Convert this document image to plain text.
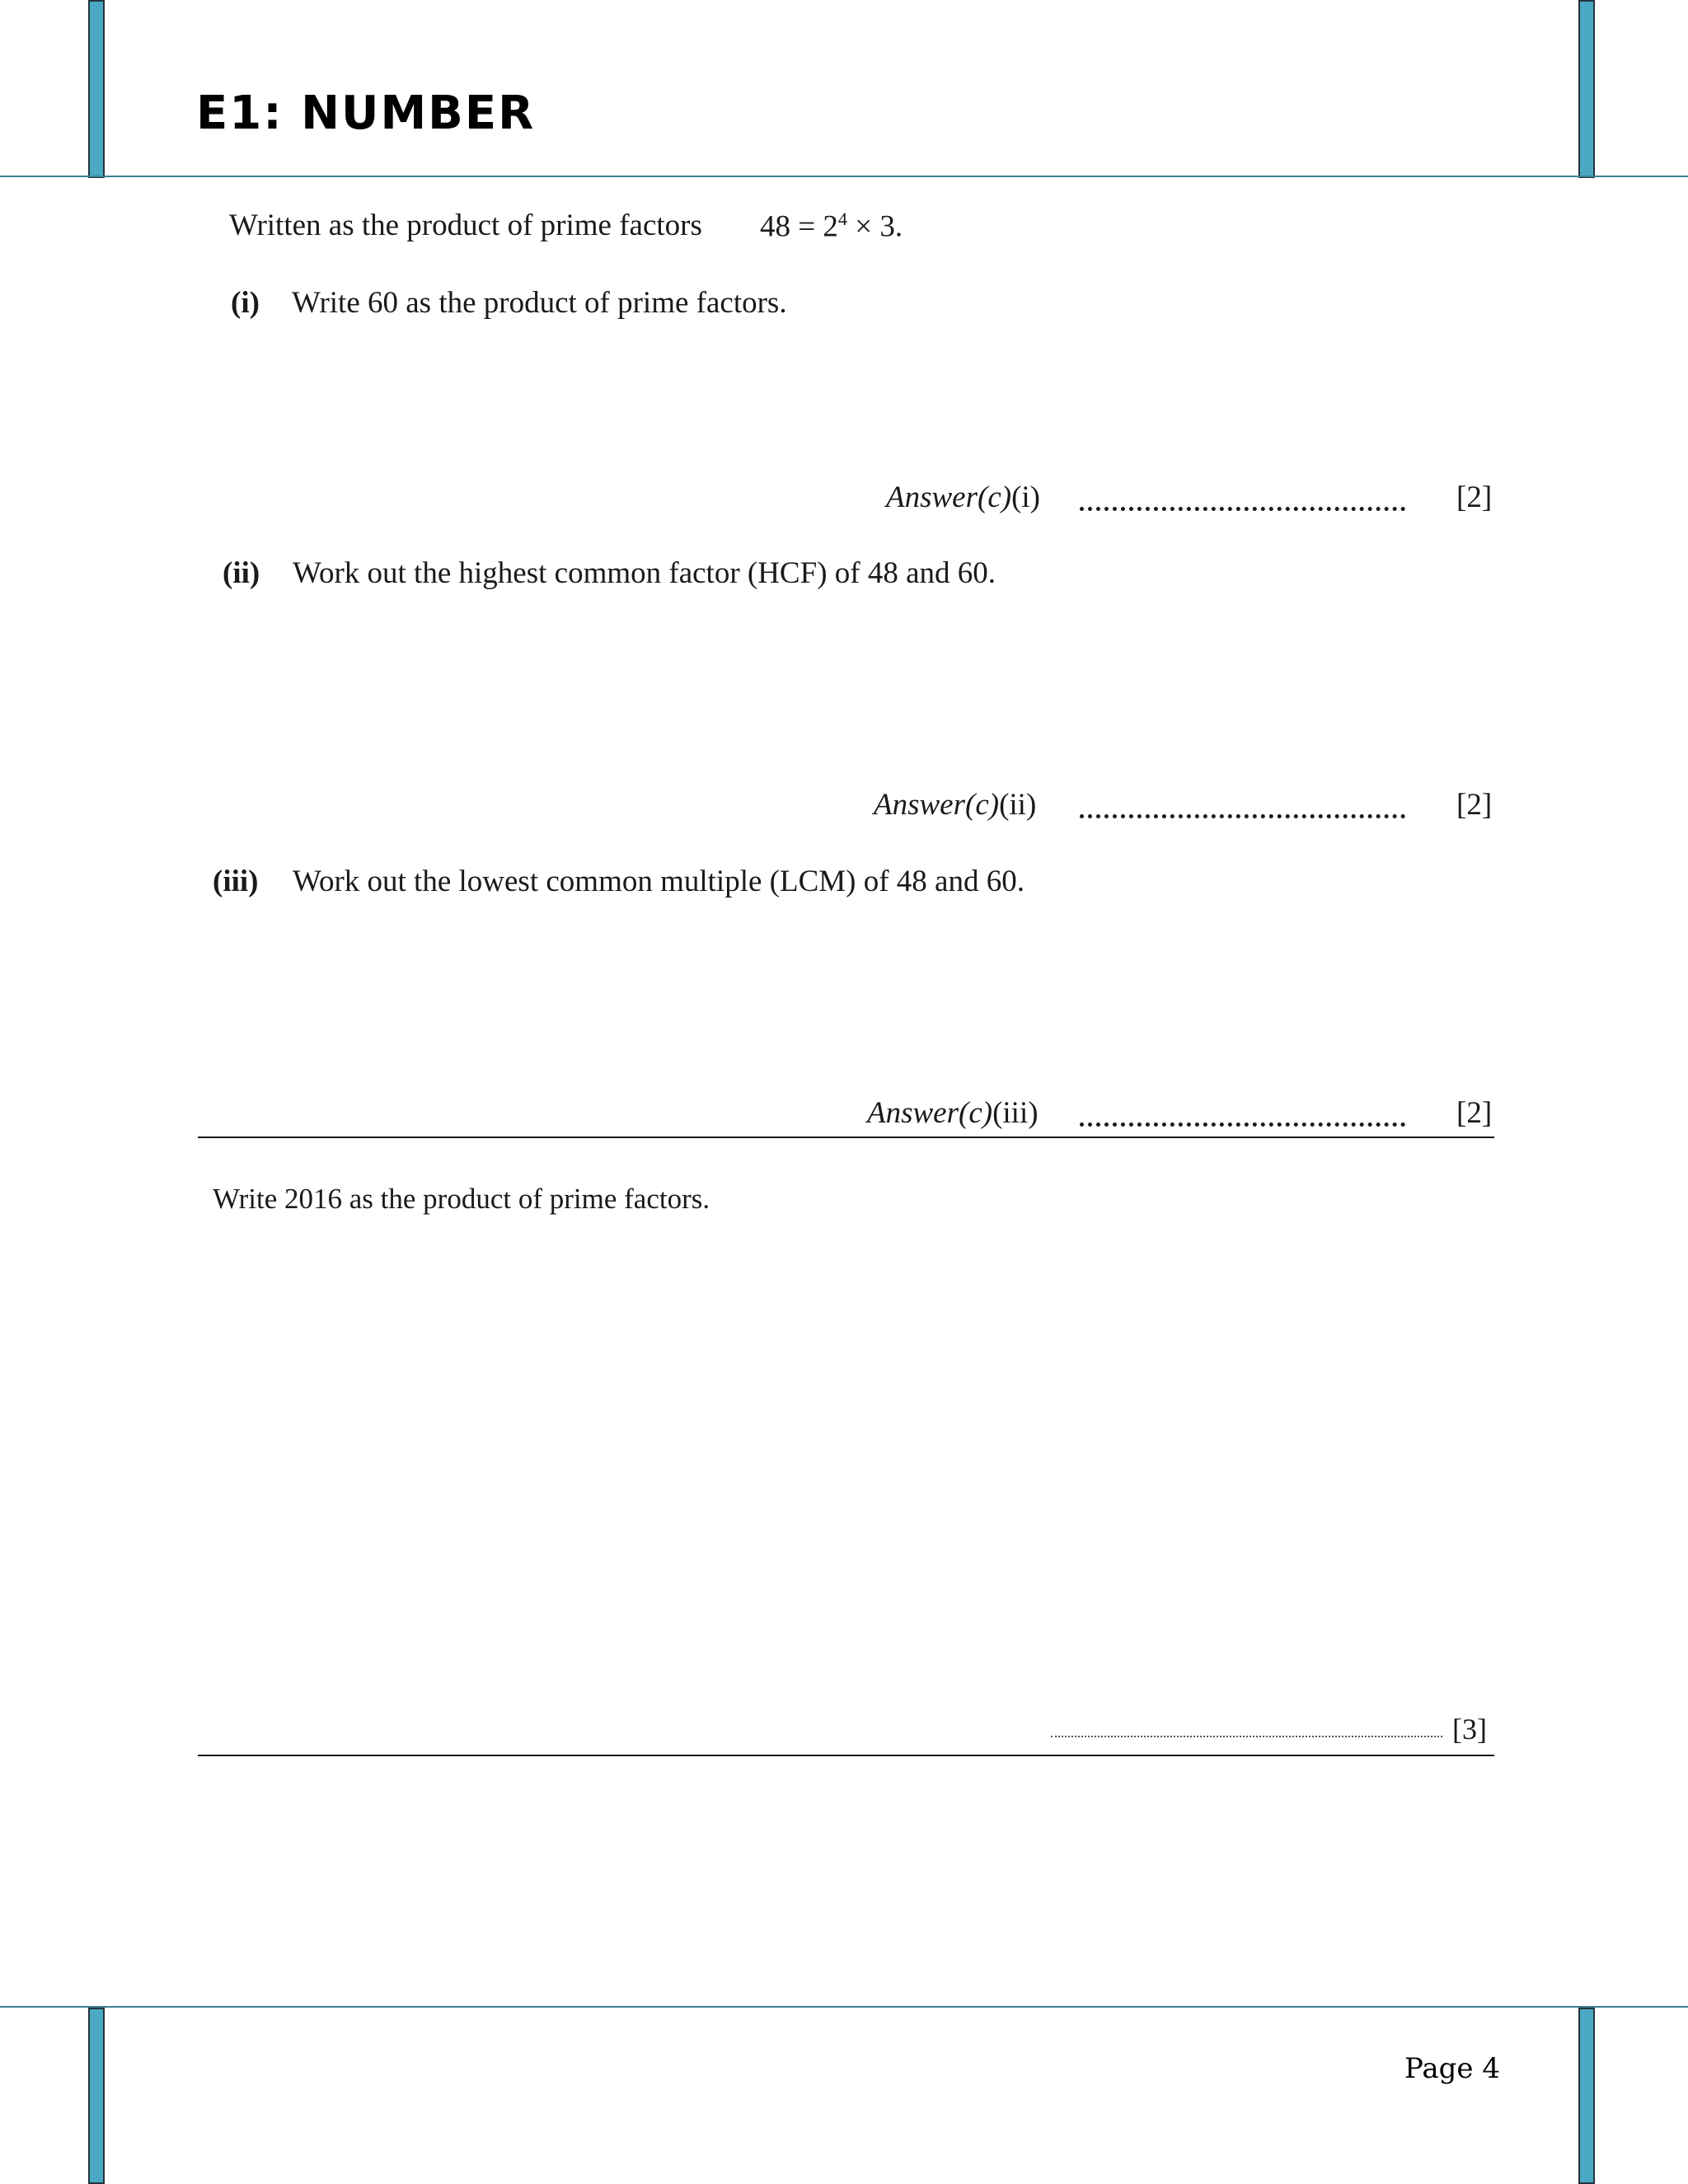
E1: NUMBER
Written as the product of prime factors $48 = 2^4 \times 3$.
(i) Write 60 as the product of prime factors.
Answer(c)(i)	[2]
(ii) Work out the highest common factor (HCF) of 48 and 60.
Answer(c)(ii)	[2]
(iii) Work out the lowest common multiple (LCM) of 48 and 60.
Answer(c)(iii)	[2]
Write 2016 as the product of prime factors.
[3]
Page 4
